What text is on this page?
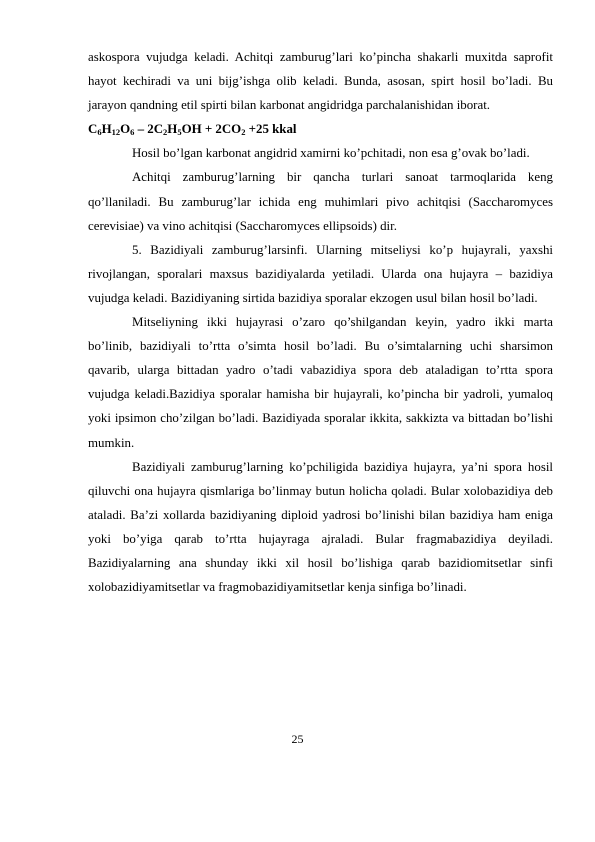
askospora vujudga keladi. Achitqi zamburug’lari ko’pincha shakarli muxitda saprofit hayot kechiradi va uni bijg’ishga olib keladi. Bunda, asosan, spirt hosil bo’ladi. Bu jarayon qandning etil spirti bilan karbonat angidridga parchalanishidan iborat.

$C_6H_{12}O_6 - 2C_2H_5OH + 2CO_2 +25$ kkal

Hosil bo’lgan karbonat angidrid xamirni ko’pchitadi, non esa g’ovak bo’ladi.

Achitqi zamburug’larning bir qancha turlari sanoat tarmoqlarida keng qo’llaniladi. Bu zamburug’lar ichida eng muhimlari pivo achitqisi (Saccharomyces cerevisiae) va vino achitqisi (Saccharomyces ellipsoids) dir.

5. Bazidiyali zamburug’larsinfi. Ularning mitseliysi ko’p hujayrali, yaxshi rivojlangan, sporalari maxsus bazidiyalarda yetiladi. Ularda ona hujayra – bazidiya vujudga keladi. Bazidiyaning sirtida bazidiya sporalar ekzogen usul bilan hosil bo’ladi.

Mitseliyning ikki hujayrasi o’zaro qo’shilgandan keyin, yadro ikki marta bo’linib, bazidiyali to’rtta o’simta hosil bo’ladi. Bu o’simtalarning uchi sharsimon qavarib, ularga bittadan yadro o’tadi vabazidiya spora deb ataladigan to’rtta spora vujudga keladi.Bazidiya sporalar hamisha bir hujayrali, ko’pincha bir yadroli, yumaloq yoki ipsimon cho’zilgan bo’ladi. Bazidiyada sporalar ikkita, sakkizta va bittadan bo’lishi mumkin.

Bazidiyali zamburug’larning ko’pchiligida bazidiya hujayra, ya’ni spora hosil qiluvchi ona hujayra qismlariga bo’linmay butun holicha qoladi. Bular xolobazidiya deb ataladi. Ba’zi xollarda bazidiyaning diploid yadrosi bo’linishi bilan bazidiya ham eniga yoki bo’yiga qarab to’rtta hujayraga ajraladi. Bular fragmabazidiya deyiladi. Bazidiyalarning ana shunday ikki xil hosil bo’lishiga qarab bazidiomitsetlar sinfi xolobazidiyamitsetlar va fragmobazidiyamitsetlar kenja sinfiga bo’linadi.

25
